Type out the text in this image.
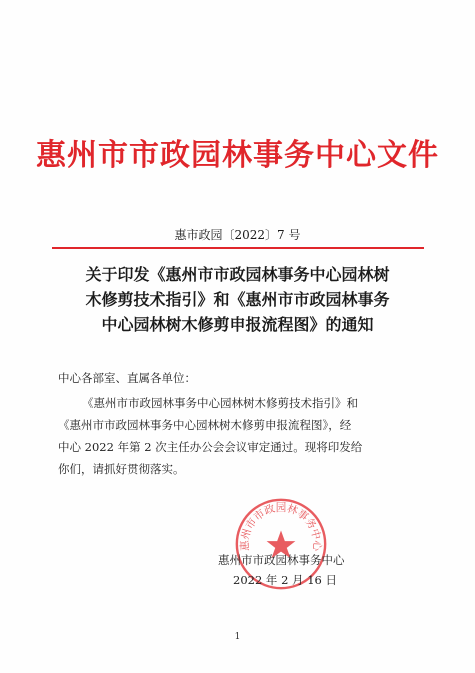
惠州市市政园林事务中心文件
惠市政园〔2022〕7 号
关于印发《惠州市市政园林事务中心园林树
木修剪技术指引》和《惠州市市政园林事务
中心园林树木修剪申报流程图》的通知
中心各部室、直属各单位：
《惠州市市政园林事务中心园林树木修剪技术指引》和
《惠州市市政园林事务中心园林树木修剪申报流程图》，经
中心 2022 年第 2 次主任办公会会议审定通过。现将印发给
你们，请抓好贯彻落实。
惠州市市政园林事务中心
惠州市市政园林事务中心
2022 年 2 月 16 日
1
